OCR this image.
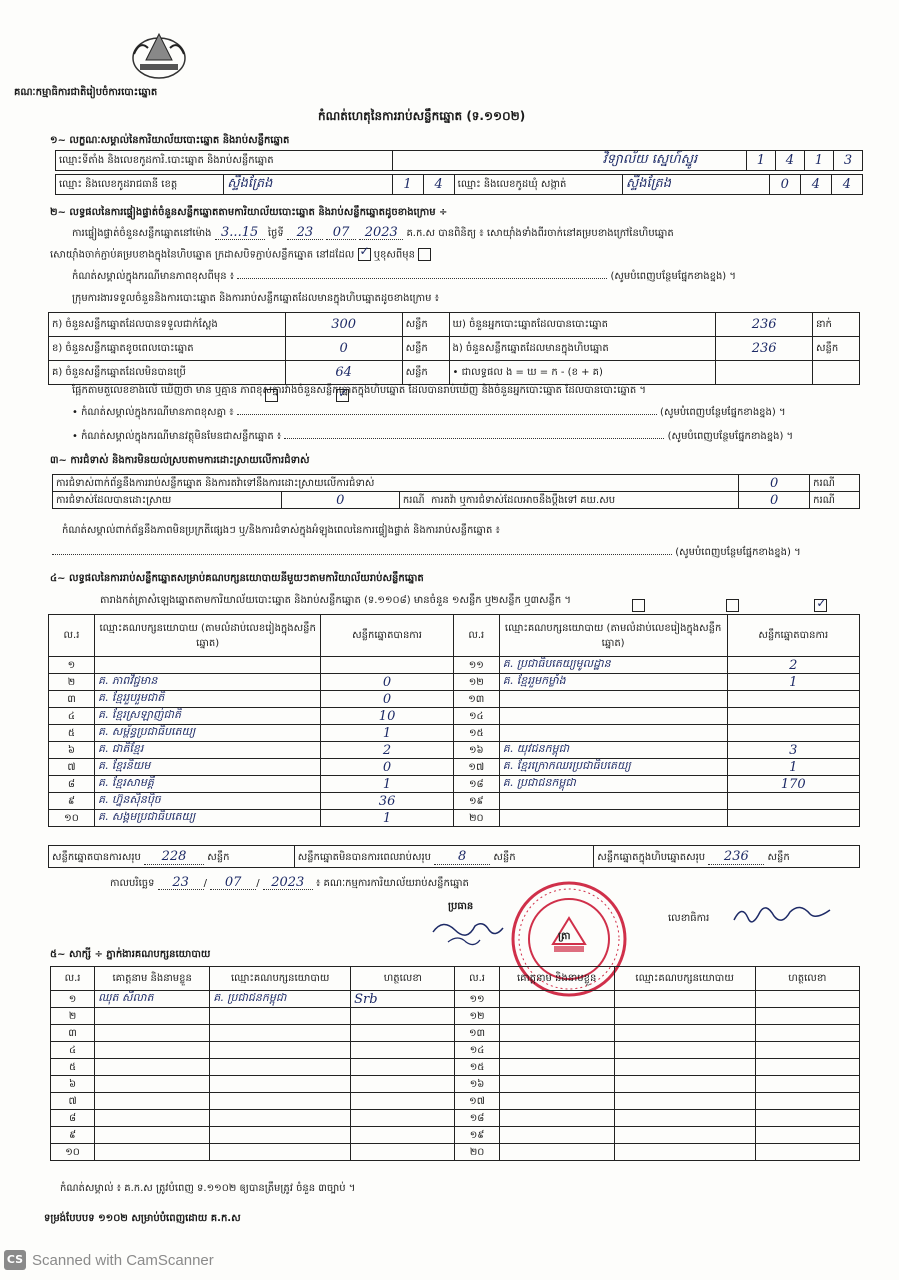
គណៈកម្មាធិការជាតិរៀបចំការបោះឆ្នោត
កំណត់ហេតុនៃការរាប់សន្លឹកឆ្នោត (ទ.១១០២)
១~ លក្ខណៈសម្គាល់នៃការិយាល័យបោះឆ្នោត និងរាប់សន្លឹកឆ្នោត
ឈ្មោះទីតាំង និងលេខកូដការិ.បោះឆ្នោត និងរាប់សន្លឹកឆ្នោត		វិទ្យាល័យ ស្នេហ៍ស្នូរ	1	4	1	3
ឈ្មោះ និងលេខកូដរាជធានី ខេត្ត	ស្ទឹងត្រែង	1	4	ឈ្មោះ និងលេខកូដឃុំ សង្កាត់	ស្ទឹងត្រែង	0	4	4
២~ លទ្ធផលនៃការផ្ទៀងផ្ទាត់ចំនួនសន្លឹកឆ្នោតតាមការិយាល័យបោះឆ្នោត និងរាប់សន្លឹកឆ្នោតដូចខាងក្រោម ÷
ការផ្ទៀងផ្ទាត់ចំនួនសន្លឹកឆ្នោតនៅម៉ោង 3...15 ថ្ងៃទី 23 07 2023 គ.ក.ស បានពិនិត្យ ៖ សោយ៉ាំងទាំងពីរចាក់នៅគម្របខាងក្រៅនៃហិបឆ្នោត
សោយ៉ាំងចាក់ភ្ជាប់គម្របខាងក្នុងនៃហិបឆ្នោត ក្រដាសបិទភ្ជាប់សន្លឹកឆ្នោត នៅដដែល ✓ ឬខុសពីមុន
កំណត់សម្គាល់ក្នុងករណីមានភាពខុសពីមុន ៖	(សូមបំពេញបន្ថែមផ្នែកខាងខ្នង) ។
ក្រុមការងារទទួលចំនួននិងការបោះឆ្នោត និងការរាប់សន្លឹកឆ្នោតដែលមានក្នុងហិបឆ្នោតដូចខាងក្រោម ៖
ក) ចំនួនសន្លឹកឆ្នោតដែលបានទទួលជាក់ស្តែង	300	សន្លឹក	ឃ) ចំនួនអ្នកបោះឆ្នោតដែលបានបោះឆ្នោត	236	នាក់
ខ) ចំនួនសន្លឹកឆ្នោតខូចពេលបោះឆ្នោត	0	សន្លឹក	ង) ចំនួនសន្លឹកឆ្នោតដែលមានក្នុងហិបឆ្នោត	236	សន្លឹក
គ) ចំនួនសន្លឹកឆ្នោតដែលមិនបានប្រើ	64	សន្លឹក	• ជាលទ្ធផល ង = ឃ = ក - (ខ + គ)		
ផ្អែកតាមតួលេខខាងលើ ឃើញថា មាន ឬគ្មាន ភាពខុសគ្នារវាងចំនួនសន្លឹកឆ្នោតក្នុងហិបឆ្នោត ដែលបានរាប់ឃើញ និងចំនួនអ្នកបោះឆ្នោត ដែលបានបោះឆ្នោត ។
✓
• កំណត់សម្គាល់ក្នុងករណីមានភាពខុសគ្នា ៖	(សូមបំពេញបន្ថែមផ្នែកខាងខ្នង) ។
• កំណត់សម្គាល់ក្នុងករណីមានវត្ថុមិនមែនជាសន្លឹកឆ្នោត ៖	(សូមបំពេញបន្ថែមផ្នែកខាងខ្នង) ។
៣~ ការជំទាស់ និងការមិនយល់ស្របតាមការដោះស្រាយលើការជំទាស់
ការជំទាស់ពាក់ព័ន្ធនឹងការរាប់សន្លឹកឆ្នោត និងការតវ៉ាទៅនឹងការដោះស្រាយលើការជំទាស់			0	ករណី
ការជំទាស់ដែលបានដោះស្រាយ	0	ករណី ការតវ៉ា ឬការជំទាស់ដែលអាចនឹងប្តឹងទៅ គឃ.សប	0	ករណី
កំណត់សម្គាល់ពាក់ព័ន្ធនឹងភាពមិនប្រក្រតីផ្សេងៗ ឬ/និងការជំទាស់ក្នុងអំឡុងពេលនៃការផ្ទៀងផ្ទាត់ និងការរាប់សន្លឹកឆ្នោត ៖
(សូមបំពេញបន្ថែមផ្នែកខាងខ្នង) ។
៤~ លទ្ធផលនៃការរាប់សន្លឹកឆ្នោតសម្រាប់គណបក្សនយោបាយនីមួយៗតាមការិយាល័យរាប់សន្លឹកឆ្នោត
តារាងកត់ត្រាសំឡេងឆ្នោតតាមការិយាល័យបោះឆ្នោត និងរាប់សន្លឹកឆ្នោត (ទ.១១០៨) មានចំនួន ១សន្លឹក ឬ២សន្លឹក ឬ៣សន្លឹក ។
✓
ល.រ	ឈ្មោះគណបក្សនយោបាយ (តាមលំដាប់លេខរៀងក្នុងសន្លឹកឆ្នោត)	សន្លឹកឆ្នោតបានការ	ល.រ	ឈ្មោះគណបក្សនយោបាយ (តាមលំដាប់លេខរៀងក្នុងសន្លឹកឆ្នោត)	សន្លឹកឆ្នោតបានការ
១			១១	គ. ប្រជាធិបតេយ្យមូលដ្ឋាន	2
២	គ. ភាពវិជ្ជមាន	0	១២	គ. ខ្មែររួមកម្លាំង	1
៣	គ. ខ្មែររួបរួមជាតិ	0	១៣		
៤	គ. ខ្មែរស្រឡាញ់ជាតិ	10	១៤		
៥	គ. សម្ព័ន្ធប្រជាធិបតេយ្យ	1	១៥		
៦	គ. ជាតិខ្មែរ	2	១៦	គ. យុវជនកម្ពុជា	3
៧	គ. ខ្មែរនិយម	0	១៧	គ. ខ្មែរក្រោកឈរប្រជាធិបតេយ្យ	1
៨	គ. ខ្មែរសាមគ្គី	1	១៨	គ. ប្រជាជនកម្ពុជា	170
៩	គ. ហ្វ៊ុនស៊ិនប៉ិច	36	១៩		
១០	គ. សង្គមប្រជាធិបតេយ្យ	1	២០		
សន្លឹកឆ្នោតបានការសរុប 228 សន្លឹក	សន្លឹកឆ្នោតមិនបានការពេលរាប់សរុប 8	សន្លឹក	សន្លឹកឆ្នោតក្នុងហិបឆ្នោតសរុប 236 សន្លឹក
កាលបរិច្ឆេទ 23 / 07 / 2023 ៖ គណៈកម្មការការិយាល័យរាប់សន្លឹកឆ្នោត
ប្រធាន
ត្រា
លេខាធិការ
៥~ សាក្សី ÷ ភ្នាក់ងារគណបក្សនយោបាយ
ល.រ	គោត្តនាម និងនាមខ្លួន	ឈ្មោះគណបក្សនយោបាយ	ហត្ថលេខា	ល.រ	គោត្តនាម និងនាមខ្លួន	ឈ្មោះគណបក្សនយោបាយ	ហត្ថលេខា
១	ឈុត សីលាត	គ. ប្រជាជនកម្ពុជា	Srb	១១			
២				១២			
៣				១៣			
៤				១៤			
៥				១៥			
៦				១៦			
៧				១៧			
៨				១៨			
៩				១៩			
១០				២០			
កំណត់សម្គាល់ ៖ គ.ក.ស ត្រូវបំពេញ ទ.១១០២ ឲ្យបានត្រឹមត្រូវ ចំនួន ៣ច្បាប់ ។
ទម្រង់បែបបទ ១១០២ សម្រាប់បំពេញដោយ គ.ក.ស
CS Scanned with CamScanner
